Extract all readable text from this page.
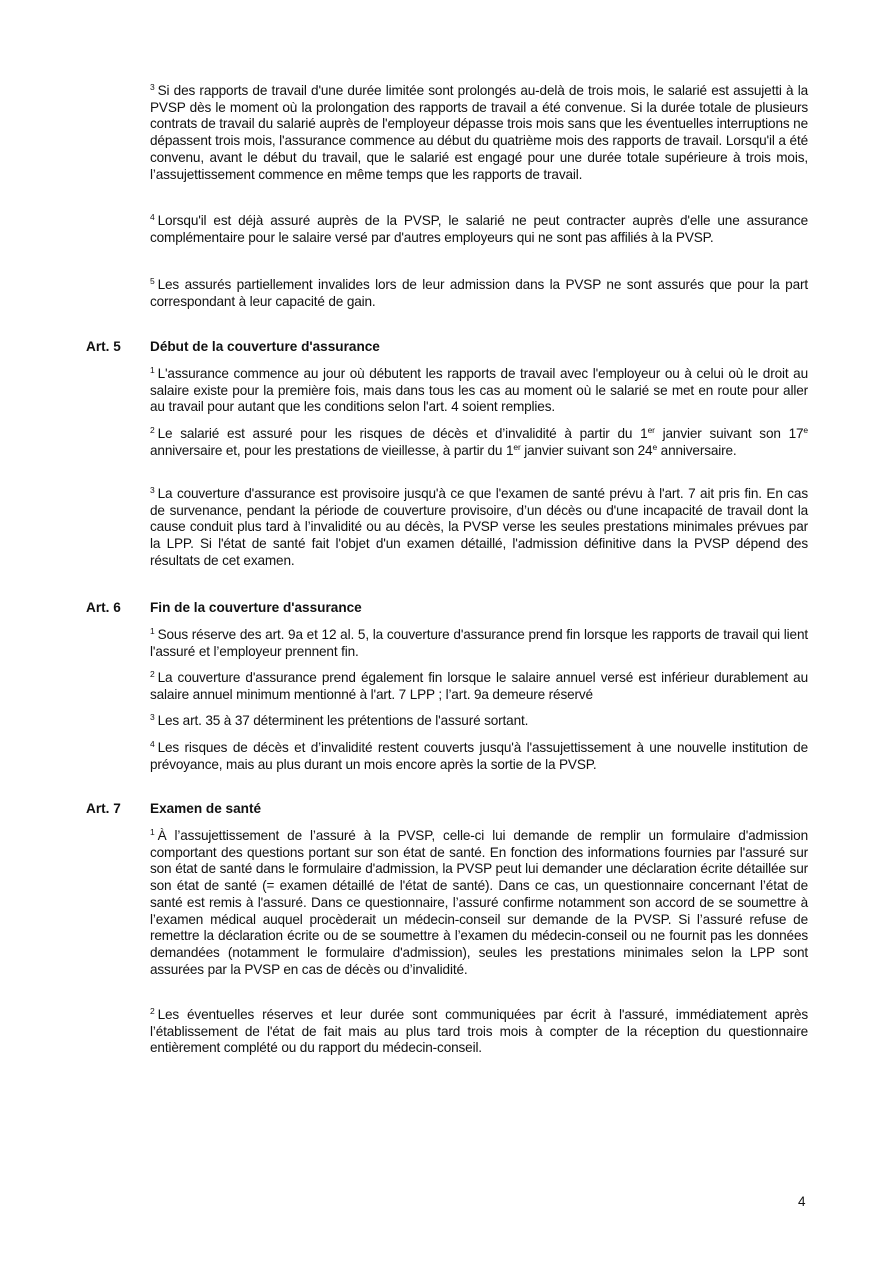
$^3$ Si des rapports de travail d'une durée limitée sont prolongés au-delà de trois mois, le salarié est assujetti à la PVSP dès le moment où la prolongation des rapports de travail a été convenue. Si la durée totale de plusieurs contrats de travail du salarié auprès de l'employeur dépasse trois mois sans que les éventuelles interruptions ne dépassent trois mois, l'assurance commence au début du quatrième mois des rapports de travail. Lorsqu'il a été convenu, avant le début du travail, que le salarié est engagé pour une durée totale supérieure à trois mois, l’assujettissement commence en même temps que les rapports de travail.

$^4$ Lorsqu'il est déjà assuré auprès de la PVSP, le salarié ne peut contracter auprès d'elle une assurance complémentaire pour le salaire versé par d'autres employeurs qui ne sont pas affiliés à la PVSP.

$^5$ Les assurés partiellement invalides lors de leur admission dans la PVSP ne sont assurés que pour la part correspondant à leur capacité de gain.

Art. 5 Début de la couverture d'assurance

$^1$ L'assurance commence au jour où débutent les rapports de travail avec l'employeur ou à celui où le droit au salaire existe pour la première fois, mais dans tous les cas au moment où le salarié se met en route pour aller au travail pour autant que les conditions selon l'art. 4 soient remplies.

$^2$ Le salarié est assuré pour les risques de décès et d’invalidité à partir du 1er janvier suivant son 17e anniversaire et, pour les prestations de vieillesse, à partir du 1er janvier suivant son 24e anniversaire.

$^3$ La couverture d'assurance est provisoire jusqu'à ce que l'examen de santé prévu à l'art. 7 ait pris fin. En cas de survenance, pendant la période de couverture provisoire, d’un décès ou d'une incapacité de travail dont la cause conduit plus tard à l’invalidité ou au décès, la PVSP verse les seules prestations minimales prévues par la LPP. Si l'état de santé fait l'objet d'un examen détaillé, l'admission définitive dans la PVSP dépend des résultats de cet examen.

Art. 6 Fin de la couverture d'assurance

$^1$ Sous réserve des art. 9a et 12 al. 5, la couverture d'assurance prend fin lorsque les rapports de travail qui lient l'assuré et l’employeur prennent fin.

$^2$ La couverture d'assurance prend également fin lorsque le salaire annuel versé est inférieur durablement au salaire annuel minimum mentionné à l'art. 7 LPP ; l’art. 9a demeure réservé

$^3$ Les art. 35 à 37 déterminent les prétentions de l'assuré sortant.

$^4$ Les risques de décès et d’invalidité restent couverts jusqu'à l'assujettissement à une nouvelle institution de prévoyance, mais au plus durant un mois encore après la sortie de la PVSP.

Art. 7 Examen de santé

$^1$ À l’assujettissement de l’assuré à la PVSP, celle-ci lui demande de remplir un formulaire d'admission comportant des questions portant sur son état de santé. En fonction des informations fournies par l'assuré sur son état de santé dans le formulaire d'admission, la PVSP peut lui demander une déclaration écrite détaillée sur son état de santé (= examen détaillé de l'état de santé). Dans ce cas, un questionnaire concernant l’état de santé est remis à l'assuré. Dans ce questionnaire, l’assuré confirme notamment son accord de se soumettre à l’examen médical auquel procèderait un médecin-conseil sur demande de la PVSP. Si l’assuré refuse de remettre la déclaration écrite ou de se soumettre à l’examen du médecin-conseil ou ne fournit pas les données demandées (notamment le formulaire d'admission), seules les prestations minimales selon la LPP sont assurées par la PVSP en cas de décès ou d’invalidité.

$^2$ Les éventuelles réserves et leur durée sont communiquées par écrit à l'assuré, immédiatement après l’établissement de l'état de fait mais au plus tard trois mois à compter de la réception du questionnaire entièrement complété ou du rapport du médecin-conseil.

4
